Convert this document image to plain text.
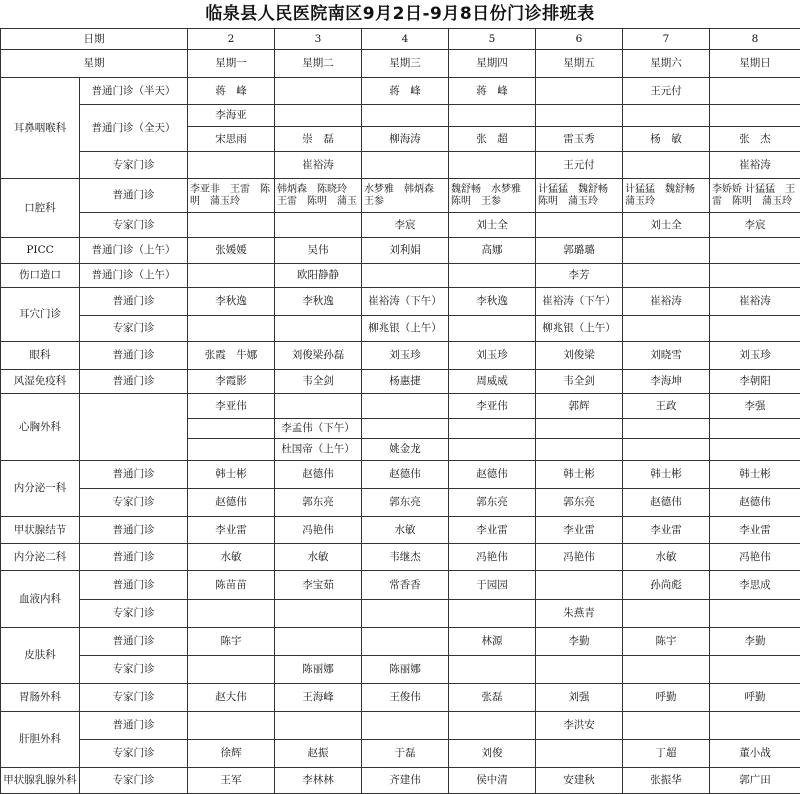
临泉县人民医院南区9月2日-9月8日份门诊排班表
日期		2	3	4	5	6	7	8
星期		星期一	星期二	星期三	星期四	星期五	星期六	星期日
耳鼻咽喉科	普通门诊（半天）	蒋　峰		蒋　峰	蒋　峰		王元付	
	普通门诊（全天）	李海亚						
		宋思雨	崇　磊	柳海涛	张　超	雷玉秀	杨　敏	张　杰
	专家门诊		崔裕涛			王元付		崔裕涛
口腔科	普通门诊	李亚非　王雷　陈明　蒲玉玲	韩炳森　陈晓玲　王雷　陈明　蒲玉	水梦雅　韩炳森　王参	魏舒畅　水梦雅　陈明　王参	计猛猛　魏舒畅　陈明　蒲玉玲	计猛猛　魏舒畅　蒲玉玲	李娇娇 计猛猛　王雷　陈明　蒲玉玲
	专家门诊			李宸	刘士全		刘士全	李宸
PICC	普通门诊（上午）	张媛媛	吴伟	刘利娟	高娜	郭璐璐		
伤口造口	普通门诊（上午）		欧阳静静			李芳		
耳穴门诊	普通门诊	李秋逸	李秋逸	崔裕涛（下午）	李秋逸	崔裕涛（下午）	崔裕涛	崔裕涛
	专家门诊			柳兆银（上午）		柳兆银（上午）		
眼科	普通门诊	张霞　牛娜	刘俊梁孙磊	刘玉珍	刘玉珍	刘俊梁	刘晓雪	刘玉珍
风湿免疫科	普通门诊	李霞影	韦全剑	杨惠捷	周威威	韦全剑	李海坤	李朝阳
心胸外科		李亚伟			李亚伟	郭辉	王政	李强
			李孟伟（下午）					
			杜国帝（上午）	姚金龙				
内分泌一科	普通门诊	韩士彬	赵德伟	赵德伟	赵德伟	韩士彬	韩士彬	韩士彬
	专家门诊	赵德伟	郭东亮	郭东亮	郭东亮	郭东亮	赵德伟	赵德伟
甲状腺结节	普通门诊	李业雷	冯艳伟	水敏	李业雷	李业雷	李业雷	李业雷
内分泌二科	普通门诊	水敏	水敏	韦继杰	冯艳伟	冯艳伟	水敏	冯艳伟
血液内科	普通门诊	陈苗苗	李宝茹	常香香	于园园		孙尚彪	李思成
	专家门诊					朱燕青		
皮肤科	普通门诊	陈宇			林源	李勤	陈宇	李勤
	专家门诊		陈丽娜	陈丽娜				
胃肠外科	专家门诊	赵大伟	王海峰	王俊伟	张磊	刘强	呼勤	呼勤
肝胆外科	普通门诊					李洪安		
	专家门诊	徐辉	赵振	于磊	刘俊		丁超	董小战
甲状腺乳腺外科	专家门诊	王军	李林林	齐建伟	侯中清	安建秋	张振华	郭广田
